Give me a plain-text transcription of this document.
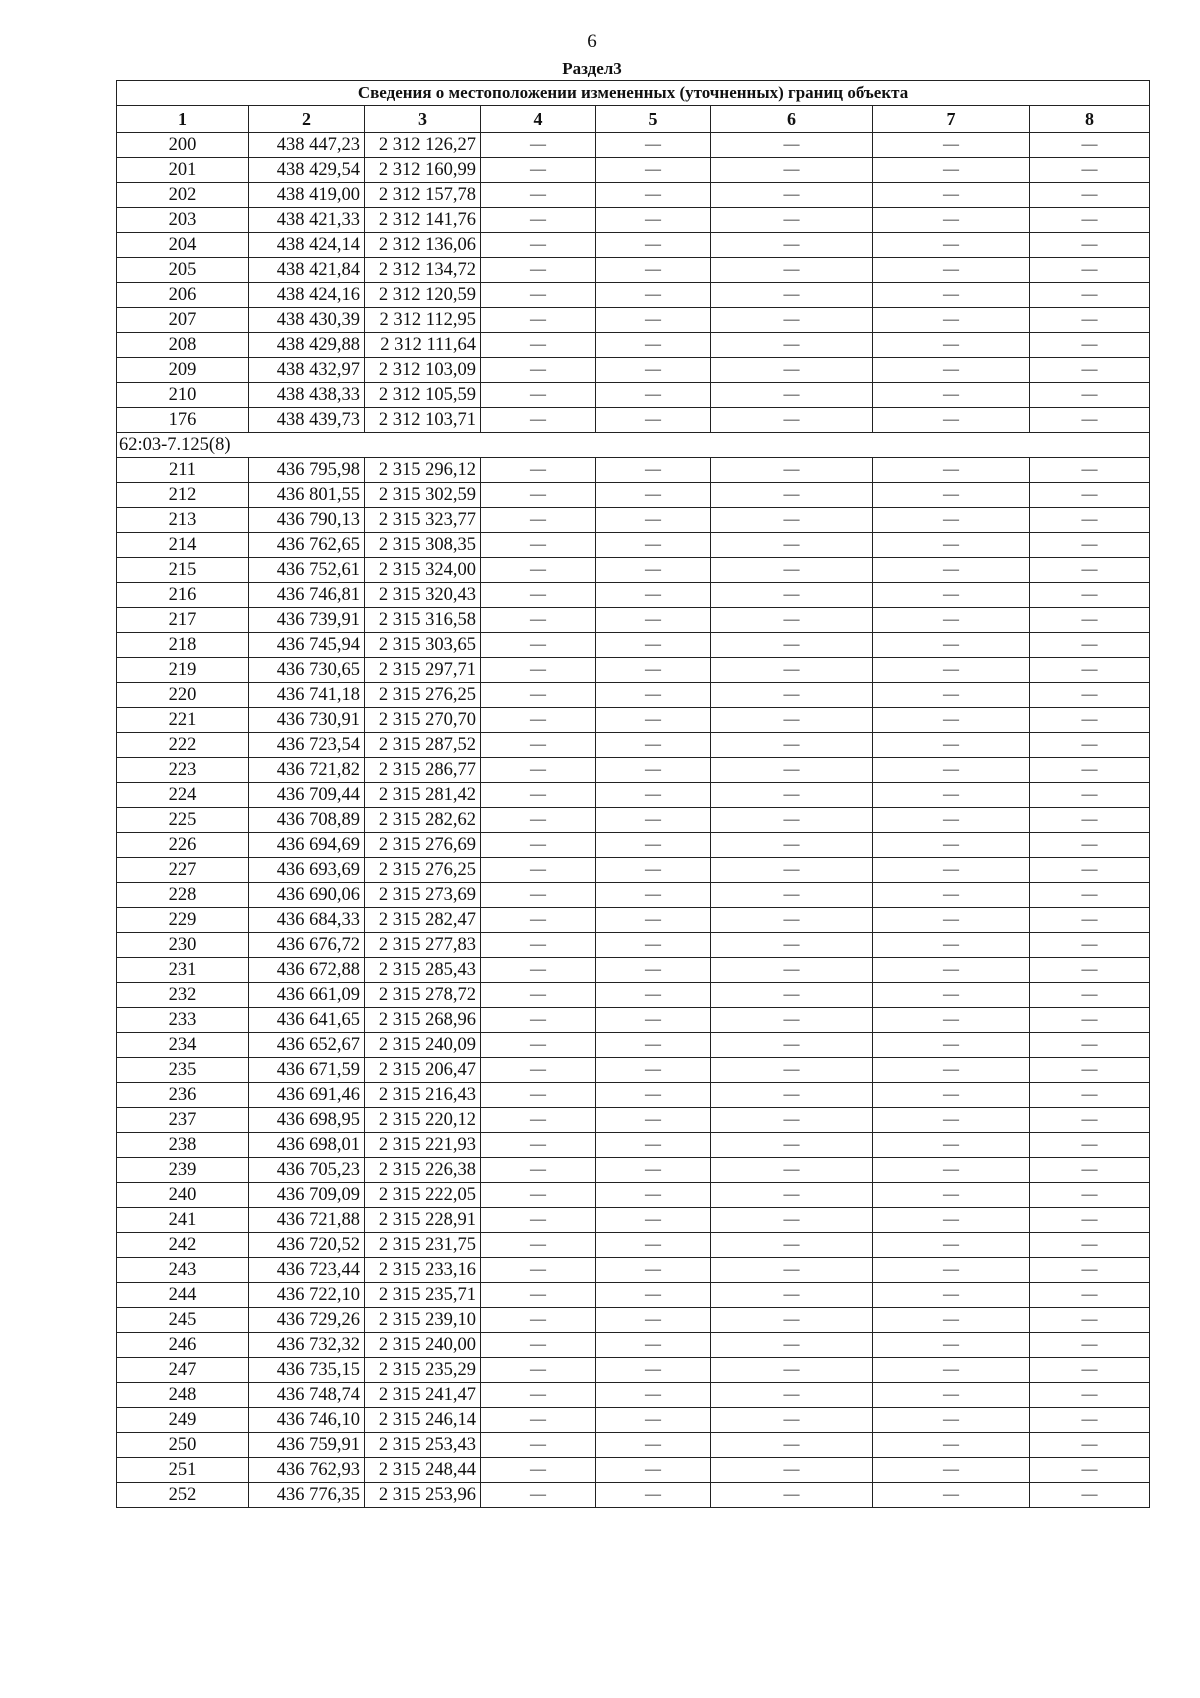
6
Раздел3
Сведения о местоположении измененных (уточненных) границ объекта							
1	2	3	4	5	6	7	8
200	438 447,23	2 312 126,27	—	—	—	—	—
201	438 429,54	2 312 160,99	—	—	—	—	—
202	438 419,00	2 312 157,78	—	—	—	—	—
203	438 421,33	2 312 141,76	—	—	—	—	—
204	438 424,14	2 312 136,06	—	—	—	—	—
205	438 421,84	2 312 134,72	—	—	—	—	—
206	438 424,16	2 312 120,59	—	—	—	—	—
207	438 430,39	2 312 112,95	—	—	—	—	—
208	438 429,88	2 312 111,64	—	—	—	—	—
209	438 432,97	2 312 103,09	—	—	—	—	—
210	438 438,33	2 312 105,59	—	—	—	—	—
176	438 439,73	2 312 103,71	—	—	—	—	—
62:03-7.125(8)							
211	436 795,98	2 315 296,12	—	—	—	—	—
212	436 801,55	2 315 302,59	—	—	—	—	—
213	436 790,13	2 315 323,77	—	—	—	—	—
214	436 762,65	2 315 308,35	—	—	—	—	—
215	436 752,61	2 315 324,00	—	—	—	—	—
216	436 746,81	2 315 320,43	—	—	—	—	—
217	436 739,91	2 315 316,58	—	—	—	—	—
218	436 745,94	2 315 303,65	—	—	—	—	—
219	436 730,65	2 315 297,71	—	—	—	—	—
220	436 741,18	2 315 276,25	—	—	—	—	—
221	436 730,91	2 315 270,70	—	—	—	—	—
222	436 723,54	2 315 287,52	—	—	—	—	—
223	436 721,82	2 315 286,77	—	—	—	—	—
224	436 709,44	2 315 281,42	—	—	—	—	—
225	436 708,89	2 315 282,62	—	—	—	—	—
226	436 694,69	2 315 276,69	—	—	—	—	—
227	436 693,69	2 315 276,25	—	—	—	—	—
228	436 690,06	2 315 273,69	—	—	—	—	—
229	436 684,33	2 315 282,47	—	—	—	—	—
230	436 676,72	2 315 277,83	—	—	—	—	—
231	436 672,88	2 315 285,43	—	—	—	—	—
232	436 661,09	2 315 278,72	—	—	—	—	—
233	436 641,65	2 315 268,96	—	—	—	—	—
234	436 652,67	2 315 240,09	—	—	—	—	—
235	436 671,59	2 315 206,47	—	—	—	—	—
236	436 691,46	2 315 216,43	—	—	—	—	—
237	436 698,95	2 315 220,12	—	—	—	—	—
238	436 698,01	2 315 221,93	—	—	—	—	—
239	436 705,23	2 315 226,38	—	—	—	—	—
240	436 709,09	2 315 222,05	—	—	—	—	—
241	436 721,88	2 315 228,91	—	—	—	—	—
242	436 720,52	2 315 231,75	—	—	—	—	—
243	436 723,44	2 315 233,16	—	—	—	—	—
244	436 722,10	2 315 235,71	—	—	—	—	—
245	436 729,26	2 315 239,10	—	—	—	—	—
246	436 732,32	2 315 240,00	—	—	—	—	—
247	436 735,15	2 315 235,29	—	—	—	—	—
248	436 748,74	2 315 241,47	—	—	—	—	—
249	436 746,10	2 315 246,14	—	—	—	—	—
250	436 759,91	2 315 253,43	—	—	—	—	—
251	436 762,93	2 315 248,44	—	—	—	—	—
252	436 776,35	2 315 253,96	—	—	—	—	—
